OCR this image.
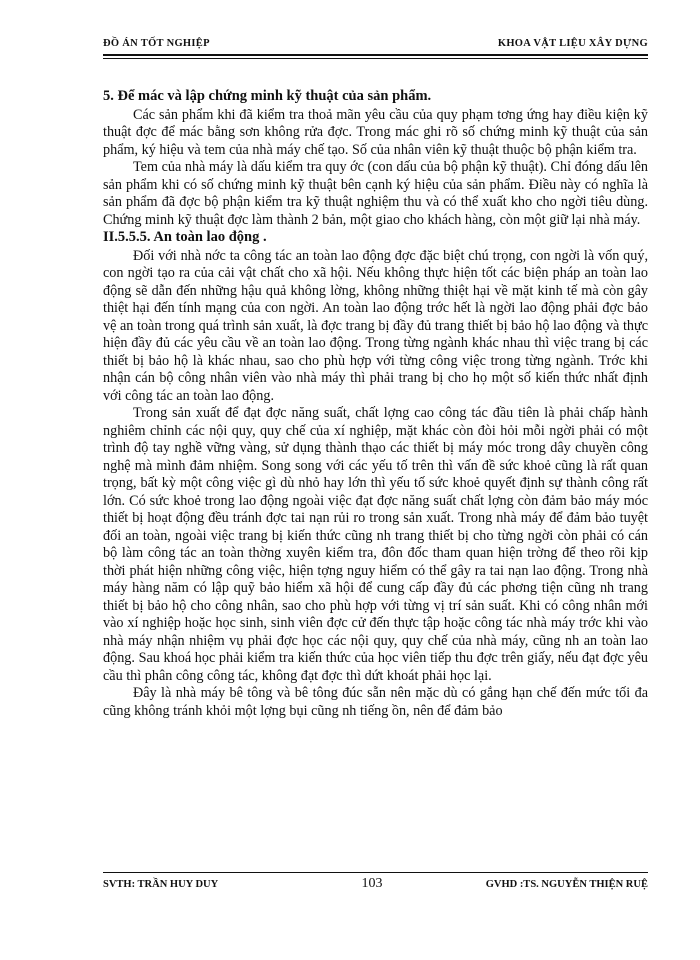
ĐỒ ÁN TỐT NGHIỆP	KHOA VẬT LIỆU XÂY DỰNG
5. Để mác và lập chứng minh kỹ thuật của sản phẩm.

Các sản phẩm khi đã kiểm tra thoả mãn yêu cầu của quy phạm tơng ứng hay điều kiện kỹ thuật đợc để mác bằng sơn không rửa đợc. Trong mác ghi rõ số chứng minh kỹ thuật của sản phẩm, ký hiệu và tem của nhà máy chế tạo. Số của nhân viên kỹ thuật thuộc bộ phận kiểm tra.

Tem của nhà máy là dấu kiểm tra quy ớc (con dấu của bộ phận kỹ thuật). Chỉ đóng dấu lên sản phẩm khi có số chứng minh kỹ thuật bên cạnh ký hiệu của sản phẩm. Điều này có nghĩa là sản phẩm đã đợc bộ phận kiểm tra kỹ thuật nghiệm thu và có thể xuất kho cho ngời tiêu dùng. Chứng minh kỹ thuật đợc làm thành 2 bản, một giao cho khách hàng, còn một giữ lại nhà máy.

II.5.5.5. An toàn lao động .

Đối với nhà nớc ta công tác an toàn lao động đợc đặc biệt chú trọng, con ngời là vốn quý, con ngời tạo ra của cải vật chất cho xã hội. Nếu không thực hiện tốt các biện pháp an toàn lao động sẽ dẫn đến những hậu quả không lờng, không những thiệt hại về mặt kinh tế mà còn gây thiệt hại đến tính mạng của con ngời. An toàn lao động trớc hết là ngời lao động phải đợc bảo vệ an toàn trong quá trình sản xuất, là đợc trang bị đầy đủ trang thiết bị bảo hộ lao động và thực hiện đầy đủ các yêu cầu về an toàn lao động. Trong từng ngành khác nhau thì việc trang bị các thiết bị bảo hộ là khác nhau, sao cho phù hợp với từng công việc trong từng ngành. Trớc khi nhận cán bộ công nhân viên vào nhà máy thì phải trang bị cho họ một số kiến thức nhất định với công tác an toàn lao động.

Trong sản xuất để đạt đợc năng suất, chất lợng cao công tác đầu tiên là phải chấp hành nghiêm chỉnh các nội quy, quy chế của xí nghiệp, mặt khác còn đòi hỏi mỗi ngời phải có một trình độ tay nghề vững vàng, sử dụng thành thạo các thiết bị máy móc trong dây chuyền công nghệ mà mình đảm nhiệm. Song song với các yếu tố trên thì vấn đề sức khoẻ cũng là rất quan trọng, bất kỳ một công việc gì dù nhỏ hay lớn thì yếu tố sức khoẻ quyết định sự thành công rất lớn. Có sức khoẻ trong lao động ngoài việc đạt đợc năng suất chất lợng còn đảm bảo máy móc thiết bị hoạt động đều tránh đợc tai nạn rủi ro trong sản xuất. Trong nhà máy để đảm bảo tuyệt đối an toàn, ngoài việc trang bị kiến thức cũng nh trang thiết bị cho từng ngời còn phải có cán bộ làm công tác an toàn thờng xuyên kiểm tra, đôn đốc tham quan hiện trờng để theo rõi kịp thời phát hiện những công việc, hiện tợng nguy hiểm có thể gây ra tai nạn lao động. Trong nhà máy hàng năm có lập quỹ bảo hiểm xã hội để cung cấp đầy đủ các phơng tiện cũng nh trang thiết bị bảo hộ cho công nhân, sao cho phù hợp với từng vị trí sản suất. Khi có công nhân mới vào xí nghiệp hoặc học sinh, sinh viên đợc cử đến thực tập hoặc công tác nhà máy trớc khi vào nhà máy nhận nhiệm vụ phải đợc học các nội quy, quy chế của nhà máy, cũng nh an toàn lao động. Sau khoá học phải kiểm tra kiến thức của học viên tiếp thu đợc trên giấy, nếu đạt đợc yêu cầu thì phân công công tác, không đạt đợc thì dứt khoát phải học lại.

Đây là nhà máy bê tông và bê tông đúc sẵn nên mặc dù có gắng hạn chế đến mức tối đa cũng không tránh khỏi một lợng bụi cũng nh tiếng ồn, nên để đảm bảo

SVTH: TRẦN HUY DUY	103	GVHD :TS. NGUYỄN THIỆN RUỆ
